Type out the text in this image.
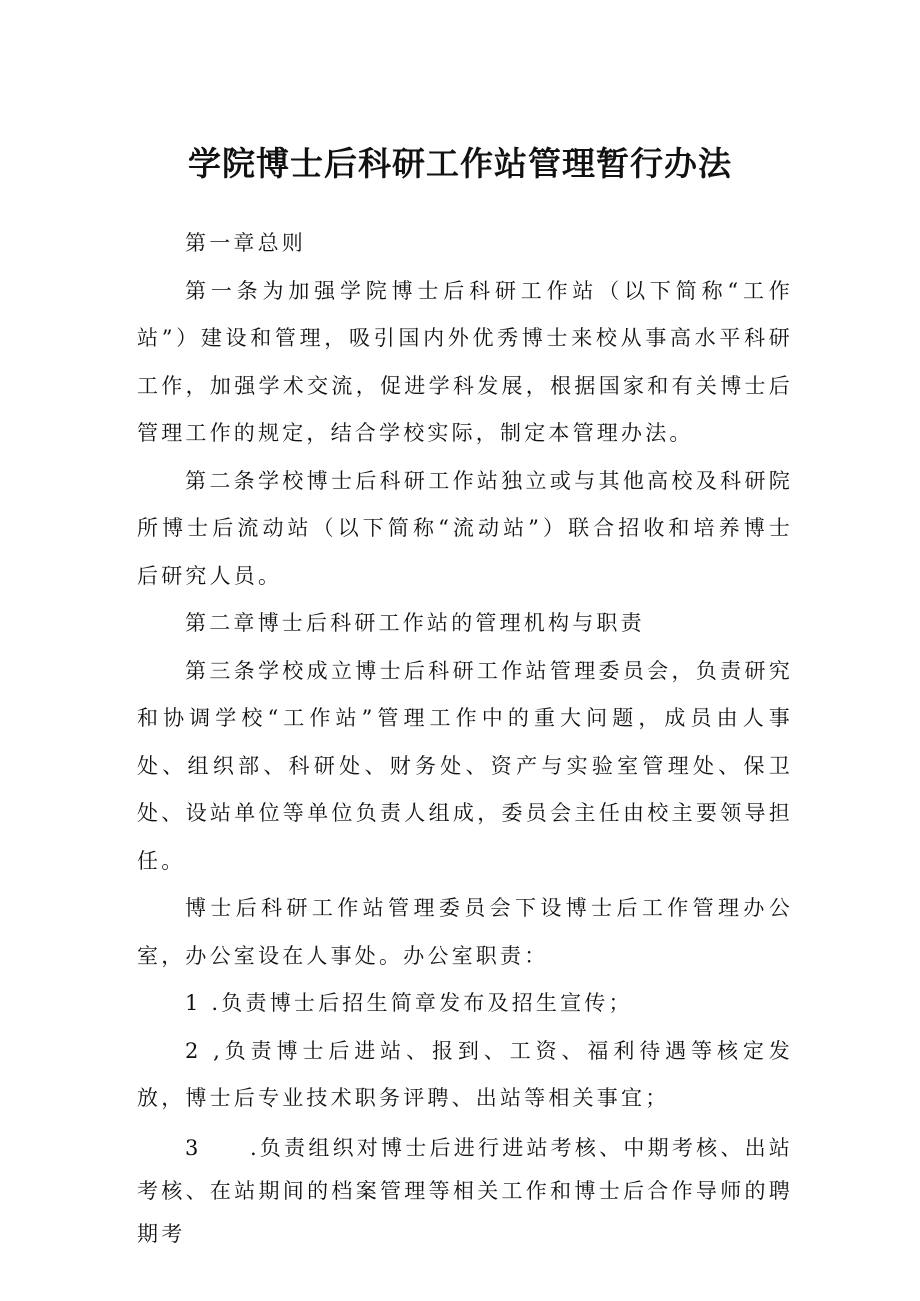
学院博士后科研工作站管理暂行办法

第一章总则

第一条为加强学院博士后科研工作站（以下简称“工作站”）建设和管理，吸引国内外优秀博士来校从事高水平科研工作，加强学术交流，促进学科发展，根据国家和有关博士后管理工作的规定，结合学校实际，制定本管理办法。

第二条学校博士后科研工作站独立或与其他高校及科研院所博士后流动站（以下简称“流动站”）联合招收和培养博士后研究人员。

第二章博士后科研工作站的管理机构与职责

第三条学校成立博士后科研工作站管理委员会，负责研究和协调学校“工作站”管理工作中的重大问题，成员由人事处、组织部、科研处、财务处、资产与实验室管理处、保卫处、设站单位等单位负责人组成，委员会主任由校主要领导担任。

博士后科研工作站管理委员会下设博士后工作管理办公室，办公室设在人事处。办公室职责：

1 .负责博士后招生简章发布及招生宣传；

2 ,负责博士后进站、报到、工资、福利待遇等核定发放，博士后专业技术职务评聘、出站等相关事宜；

3  .负责组织对博士后进行进站考核、中期考核、出站考核、在站期间的档案管理等相关工作和博士后合作导师的聘期考
